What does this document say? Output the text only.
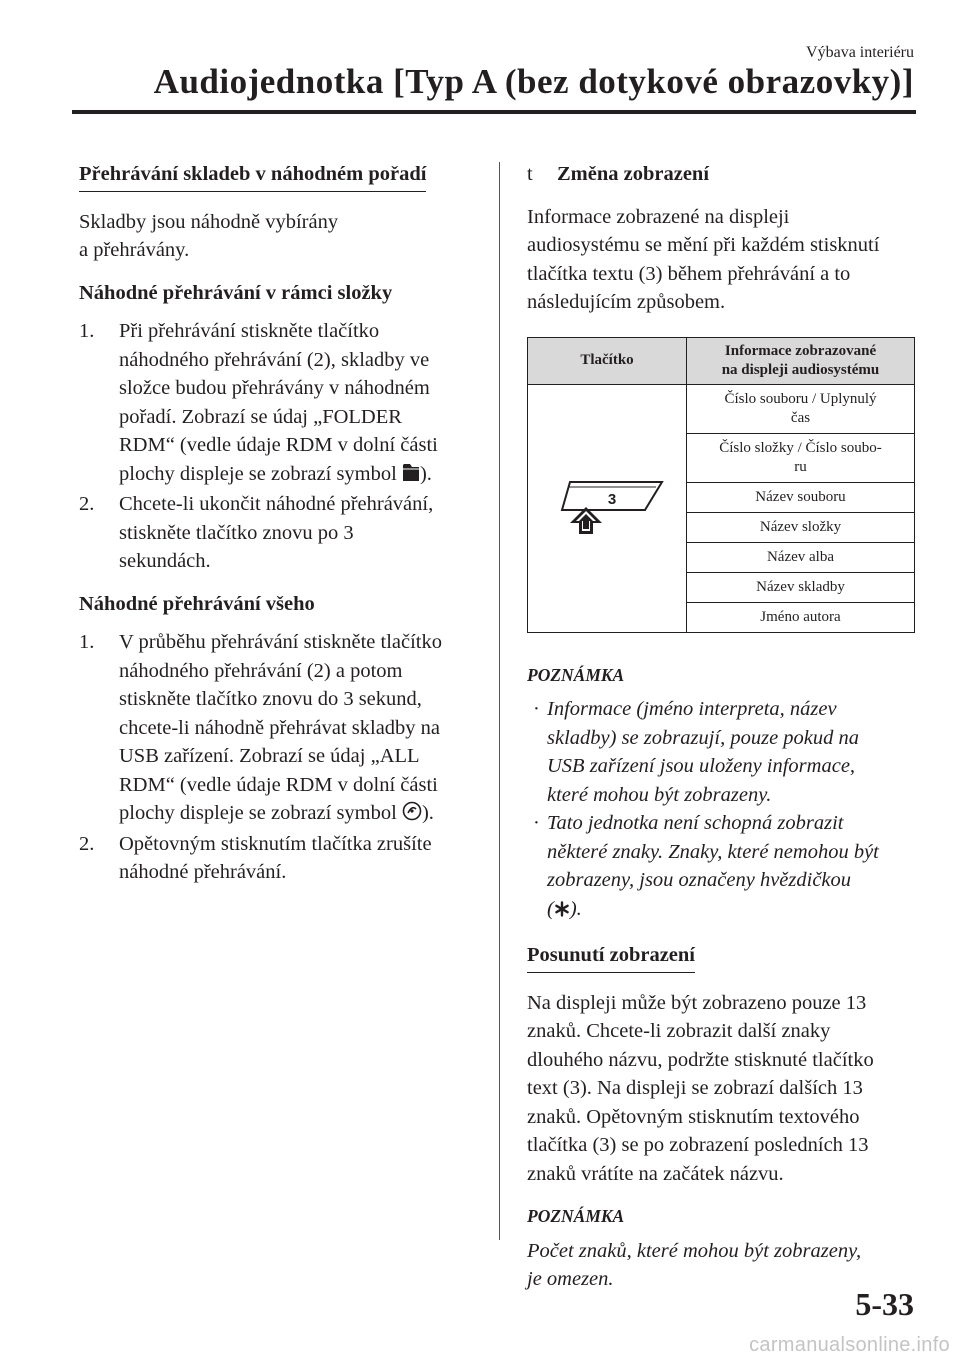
Výbava interiéru
Audiojednotka [Typ A (bez dotykové obrazovky)]

Přehrávání skladeb v náhodném pořadí

Skladby jsou náhodně vybírány
a přehrávány.

Náhodné přehrávání v rámci složky

1. Při přehrávání stiskněte tlačítko
náhodného přehrávání (2), skladby ve
složce budou přehrávány v náhodném
pořadí. Zobrazí se údaj „FOLDER
RDM“ (vedle údaje RDM v dolní části
plochy displeje se zobrazí symbol ).
2. Chcete-li ukončit náhodné přehrávání,
stiskněte tlačítko znovu po 3
sekundách.

Náhodné přehrávání všeho

1. V průběhu přehrávání stiskněte tlačítko
náhodného přehrávání (2) a potom
stiskněte tlačítko znovu do 3 sekund,
chcete-li náhodně přehrávat skladby na
USB zařízení. Zobrazí se údaj „ALL
RDM“ (vedle údaje RDM v dolní části
plochy displeje se zobrazí symbol ).
2. Opětovným stisknutím tlačítka zrušíte
náhodné přehrávání.

t Změna zobrazení

Informace zobrazené na displeji
audiosystému se mění při každém stisknutí
tlačítka textu (3) během přehrávání a to
následujícím způsobem.

Tlačítko	Informace zobrazované
na displeji audiosystému

3	Číslo souboru / Uplynulý
čas
	Číslo složky / Číslo soubo-
ru
	Název souboru
	Název složky
	Název alba
	Název skladby
	Jméno autora

POZNÁMKA

· Informace (jméno interpreta, název
skladby) se zobrazují, pouze pokud na
USB zařízení jsou uloženy informace,
které mohou být zobrazeny.
· Tato jednotka není schopná zobrazit
některé znaky. Znaky, které nemohou být
zobrazeny, jsou označeny hvězdičkou
( ).

Posunutí zobrazení

Na displeji může být zobrazeno pouze 13
znaků. Chcete-li zobrazit další znaky
dlouhého názvu, podržte stisknuté tlačítko
text (3). Na displeji se zobrazí dalších 13
znaků. Opětovným stisknutím textového
tlačítka (3) se po zobrazení posledních 13
znaků vrátíte na začátek názvu.

POZNÁMKA

Počet znaků, které mohou být zobrazeny,
je omezen.

5-33
carmanualsonline.info
